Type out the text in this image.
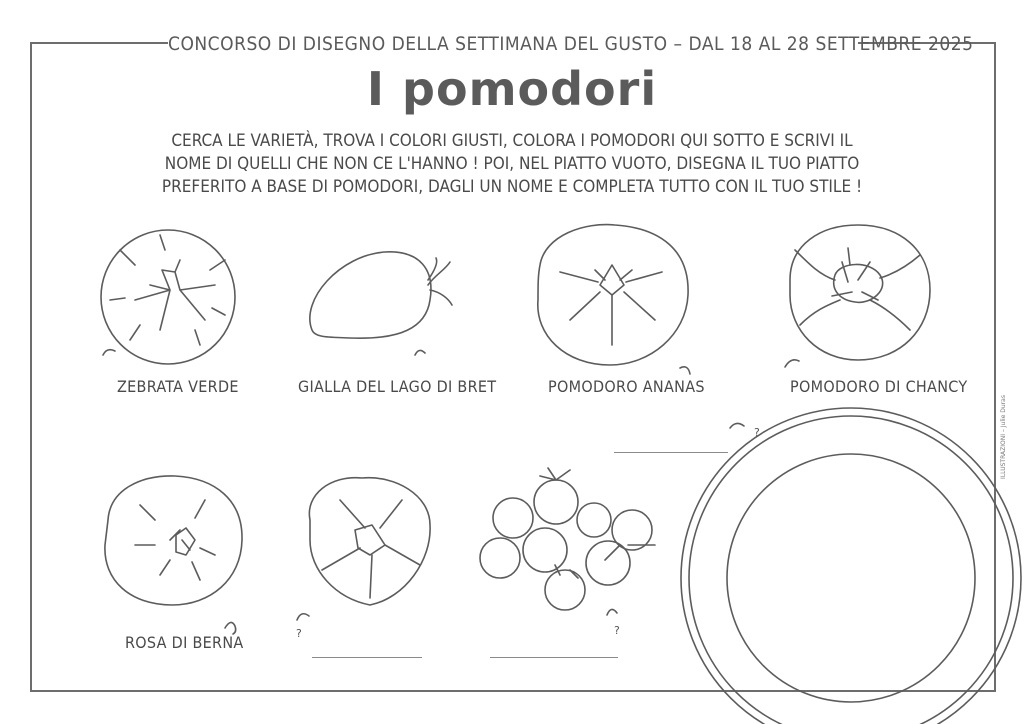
CONCORSO DI DISEGNO DELLA SETTIMANA DEL GUSTO – DAL 18 AL 28 SETTEMBRE 2025
I pomodori
CERCA LE VARIETÀ, TROVA I COLORI GIUSTI, COLORA I POMODORI QUI SOTTO E SCRIVI IL NOME DI QUELLI CHE NON CE L'HANNO ! POI, NEL PIATTO VUOTO, DISEGNA IL TUO PIATTO PREFERITO A BASE DI POMODORI, DAGLI UN NOME E COMPLETA TUTTO CON IL TUO STILE !
ZEBRATA VERDE	GIALLA DEL LAGO DI BRET	POMODORO ANANAS	POMODORO DI CHANCY
ROSA DI BERNA	?	?
?	ILLUSTRAZIONI – Julie Duras
